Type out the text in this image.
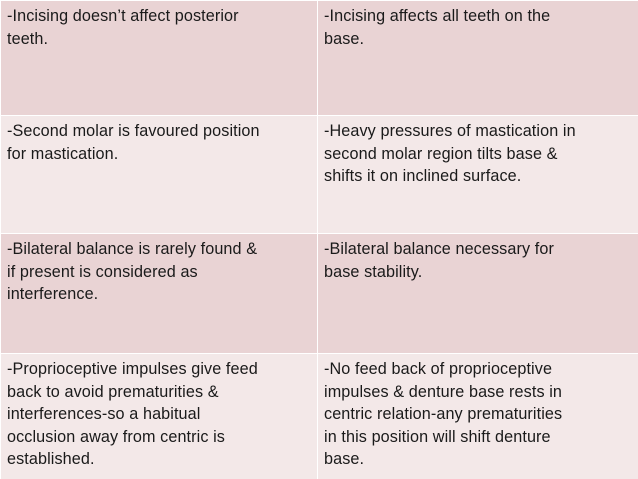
-Incising doesn’t affect posterior
teeth.	-Incising affects all teeth on the
base.
-Second molar is favoured position
for mastication.	-Heavy pressures of mastication in
second molar region tilts base &
shifts it on inclined surface.
-Bilateral balance is rarely found &
if present is considered as
interference.	-Bilateral balance necessary for
base stability.
-Proprioceptive impulses give feed
back to avoid prematurities &
interferences-so a habitual
occlusion away from centric is
established.	-No feed back of proprioceptive
impulses & denture base rests in
centric relation-any prematurities
in this position will shift denture
base.
